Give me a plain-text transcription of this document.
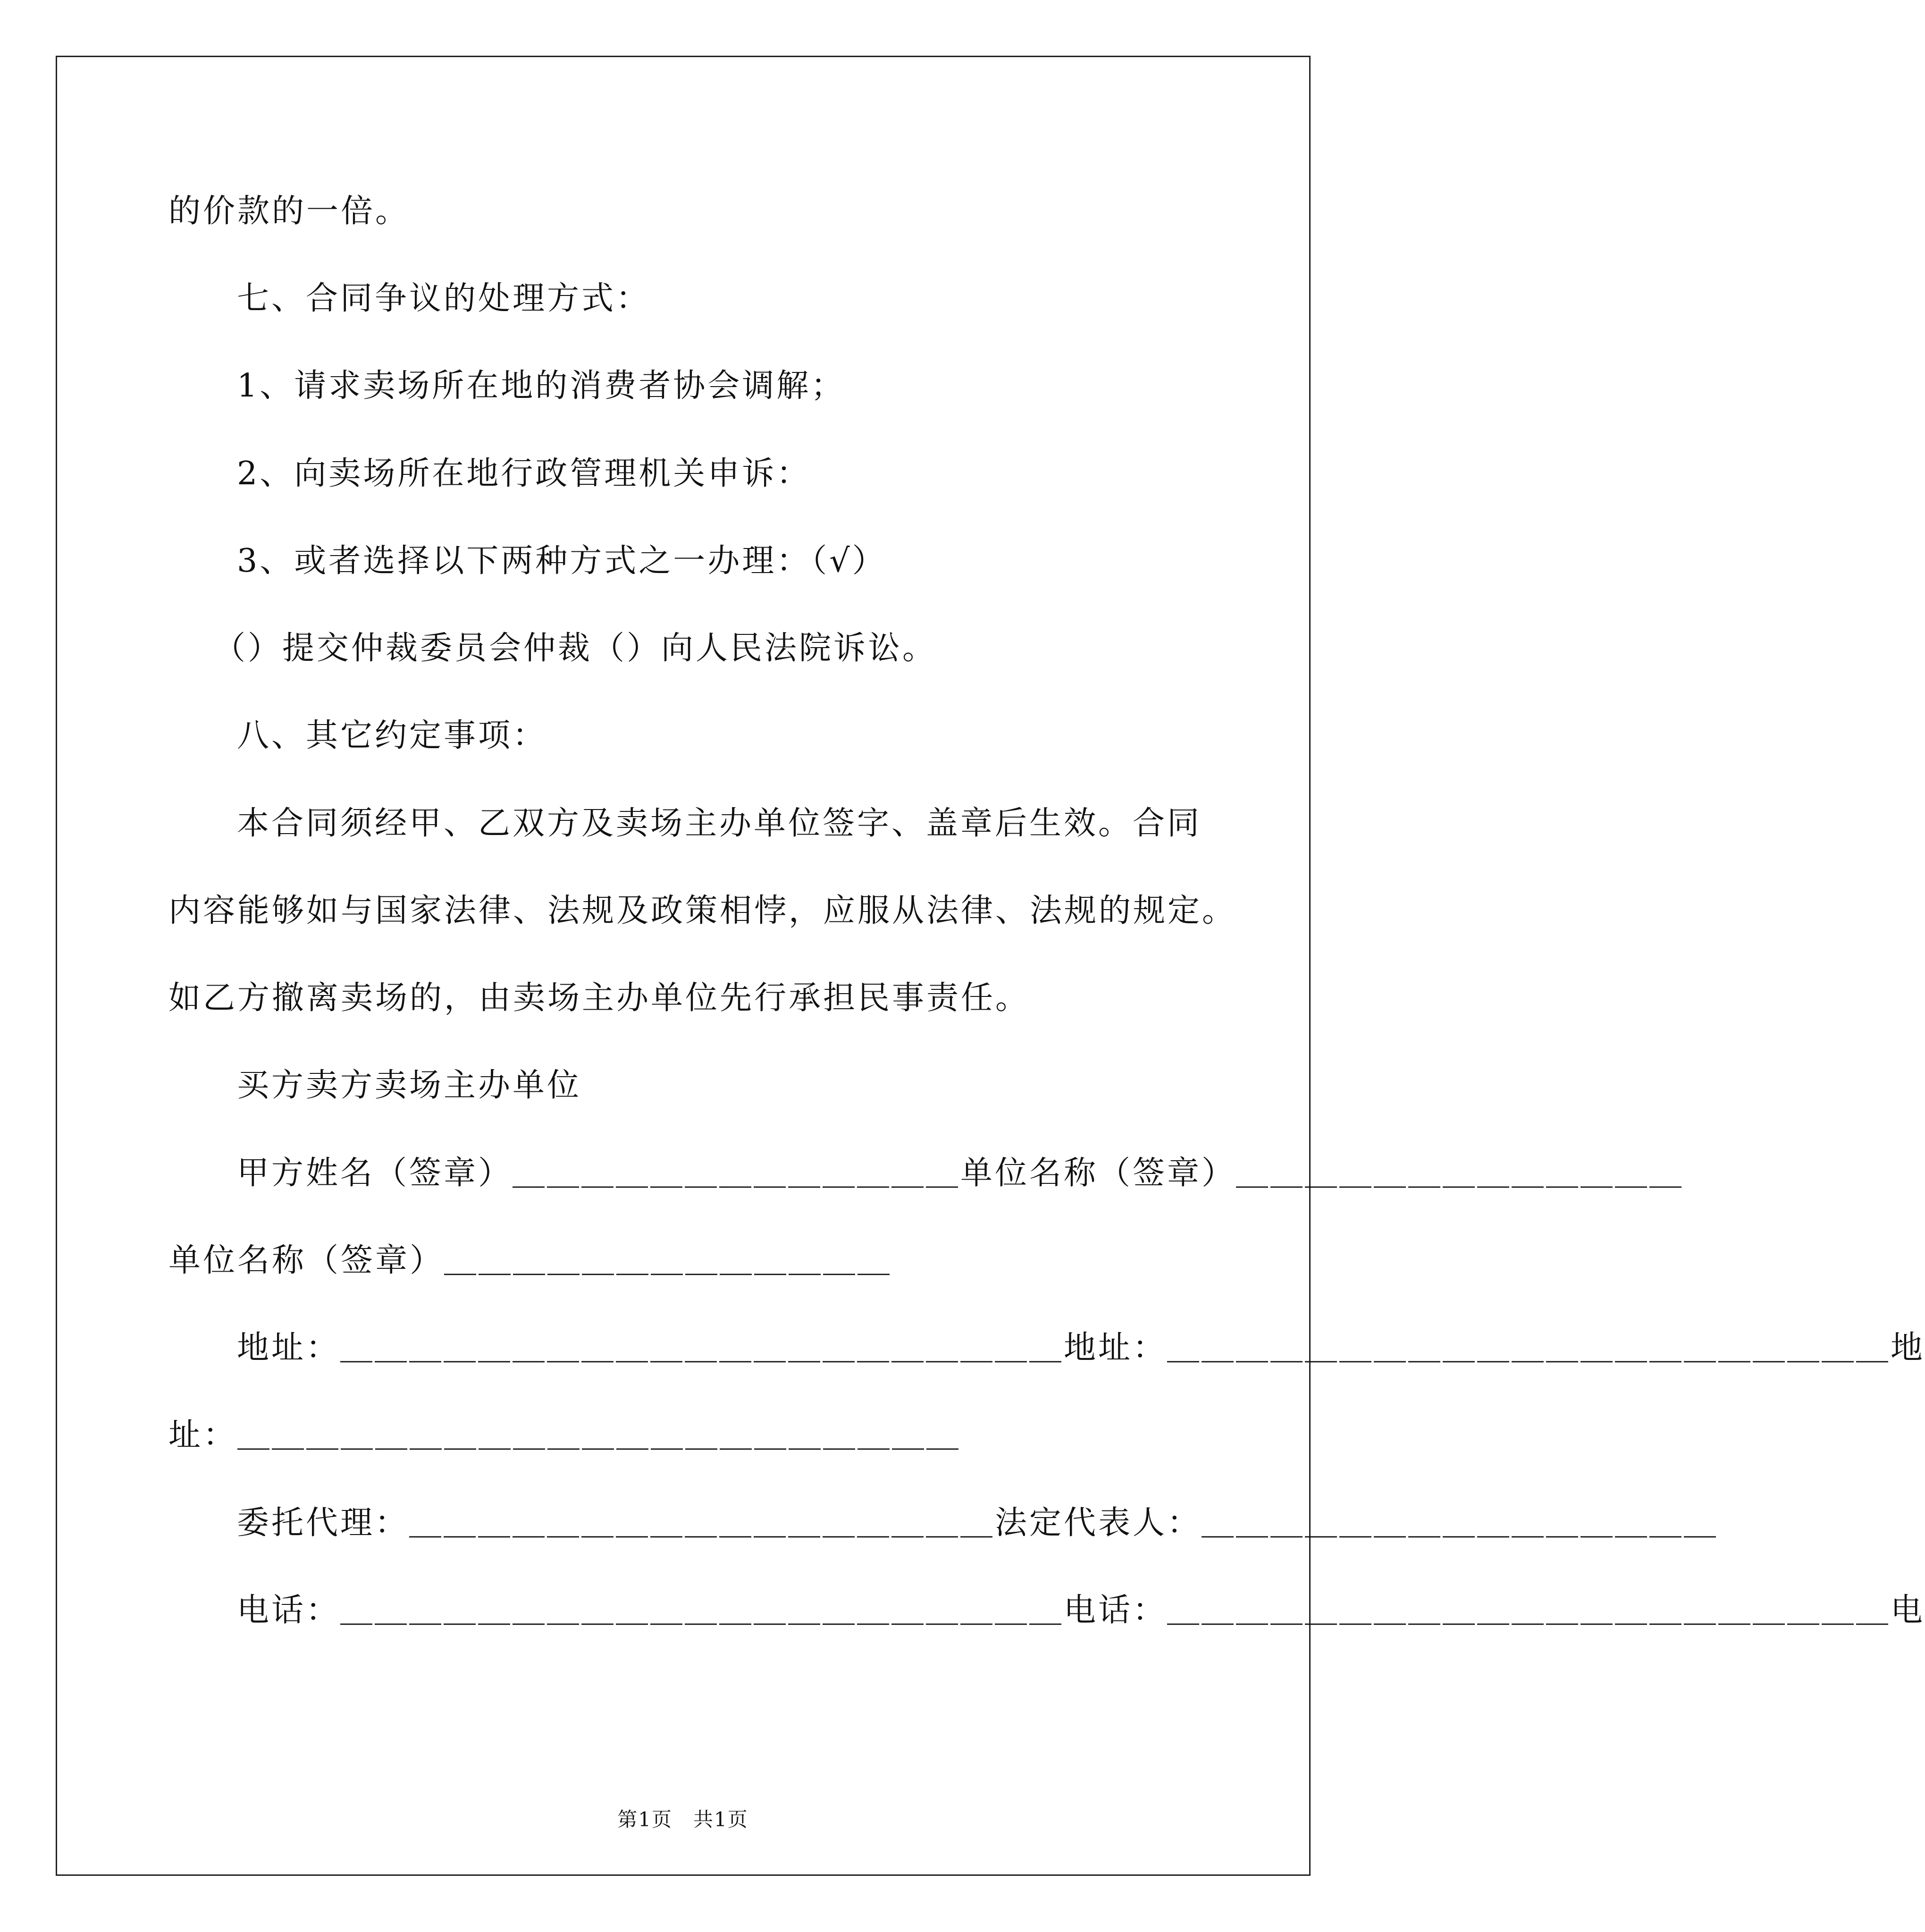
的价款的一倍。
七、合同争议的处理方式：
1、请求卖场所在地的消费者协会调解；
2、向卖场所在地行政管理机关申诉：
3、或者选择以下两种方式之一办理：（√）
（）提交仲裁委员会仲裁（）向人民法院诉讼。
八、其它约定事项：
本合同须经甲、乙双方及卖场主办单位签字、盖章后生效。合同
内容能够如与国家法律、法规及政策相悖，应服从法律、法规的规定。
如乙方撤离卖场的，由卖场主办单位先行承担民事责任。
买方卖方卖场主办单位
甲方姓名（签章）＿＿＿＿＿＿＿＿＿＿＿＿＿单位名称（签章）＿＿＿＿＿＿＿＿＿＿＿＿＿
单位名称（签章）＿＿＿＿＿＿＿＿＿＿＿＿＿
地址：＿＿＿＿＿＿＿＿＿＿＿＿＿＿＿＿＿＿＿＿＿地址：＿＿＿＿＿＿＿＿＿＿＿＿＿＿＿＿＿＿＿＿＿地
址：＿＿＿＿＿＿＿＿＿＿＿＿＿＿＿＿＿＿＿＿＿
委托代理：＿＿＿＿＿＿＿＿＿＿＿＿＿＿＿＿＿法定代表人：＿＿＿＿＿＿＿＿＿＿＿＿＿＿＿
电话：＿＿＿＿＿＿＿＿＿＿＿＿＿＿＿＿＿＿＿＿＿电话：＿＿＿＿＿＿＿＿＿＿＿＿＿＿＿＿＿＿＿＿＿电
第1页　共1页
